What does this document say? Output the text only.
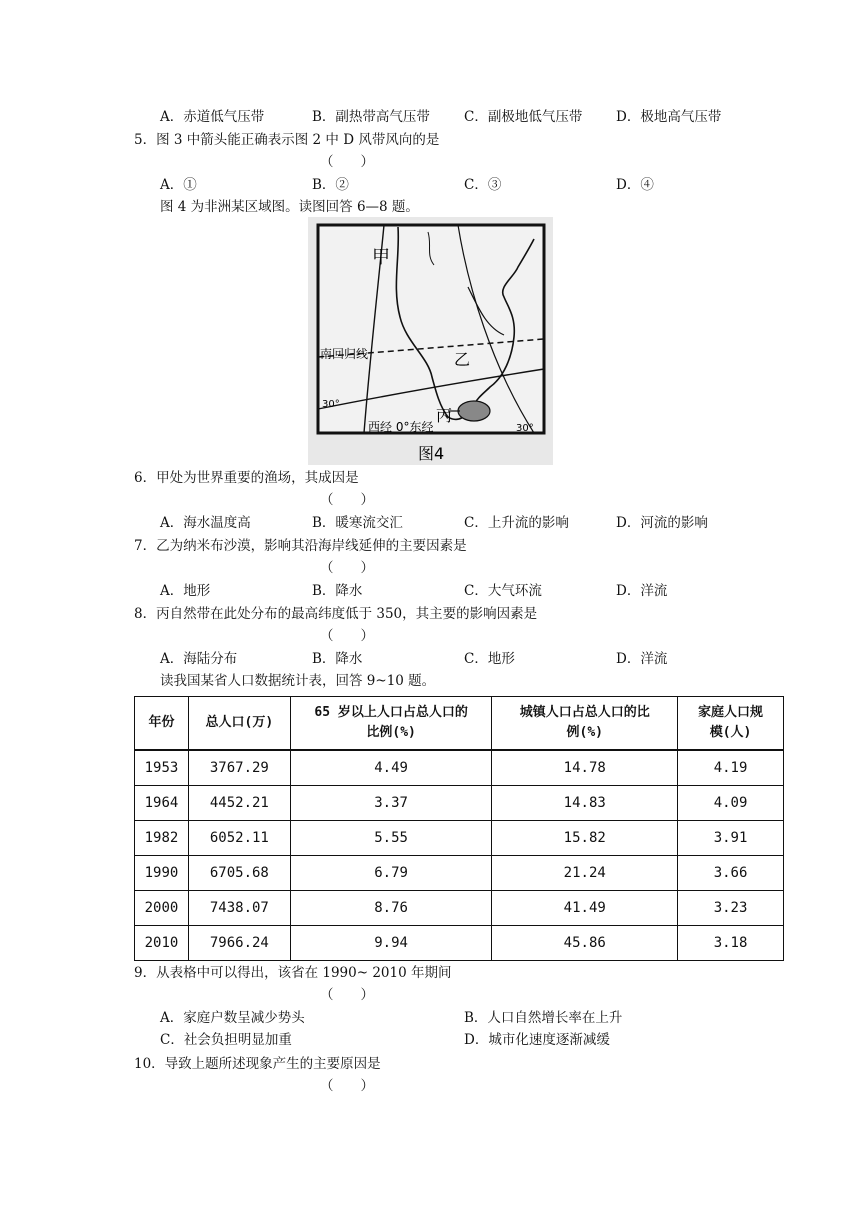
A．赤道低气压带	B．副热带高气压带	C．副极地低气压带 D．极地高气压带
5．图 3 中箭头能正确表示图 2 中 D 风带风向的是
（　　）
A．①	B．②	C．③	D．④
图 4 为非洲某区域图。读图回答 6—8 题。
甲
乙
丙
南回归线
30°
30°
西经 0°东经
图4
6．甲处为世界重要的渔场，其成因是
（　　）
A．海水温度高	B．暖寒流交汇	C．上升流的影响	D．河流的影响
7．乙为纳米布沙漠，影响其沿海岸线延伸的主要因素是
（　　）
A．地形	B．降水	C．大气环流	D．洋流
8．丙自然带在此处分布的最高纬度低于 350，其主要的影响因素是
（　　）
A．海陆分布	B．降水	C．地形	D．洋流
读我国某省人口数据统计表，回答 9~10 题。
年份	总人口(万)	65 岁以上人口占总人口的比例(%)	城镇人口占总人口的比例(%)	家庭人口规模(人)
1953	3767.29	4.49	14.78	4.19
1964	4452.21	3.37	14.83	4.09
1982	6052.11	5.55	15.82	3.91
1990	6705.68	6.79	21.24	3.66
2000	7438.07	8.76	41.49	3.23
2010	7966.24	9.94	45.86	3.18
9．从表格中可以得出，该省在 1990~ 2010 年期间
（　　）
A．家庭户数呈减少势头	B．人口自然增长率在上升
C．社会负担明显加重	D．城市化速度逐渐减缓
10．导致上题所述现象产生的主要原因是
（　　）
